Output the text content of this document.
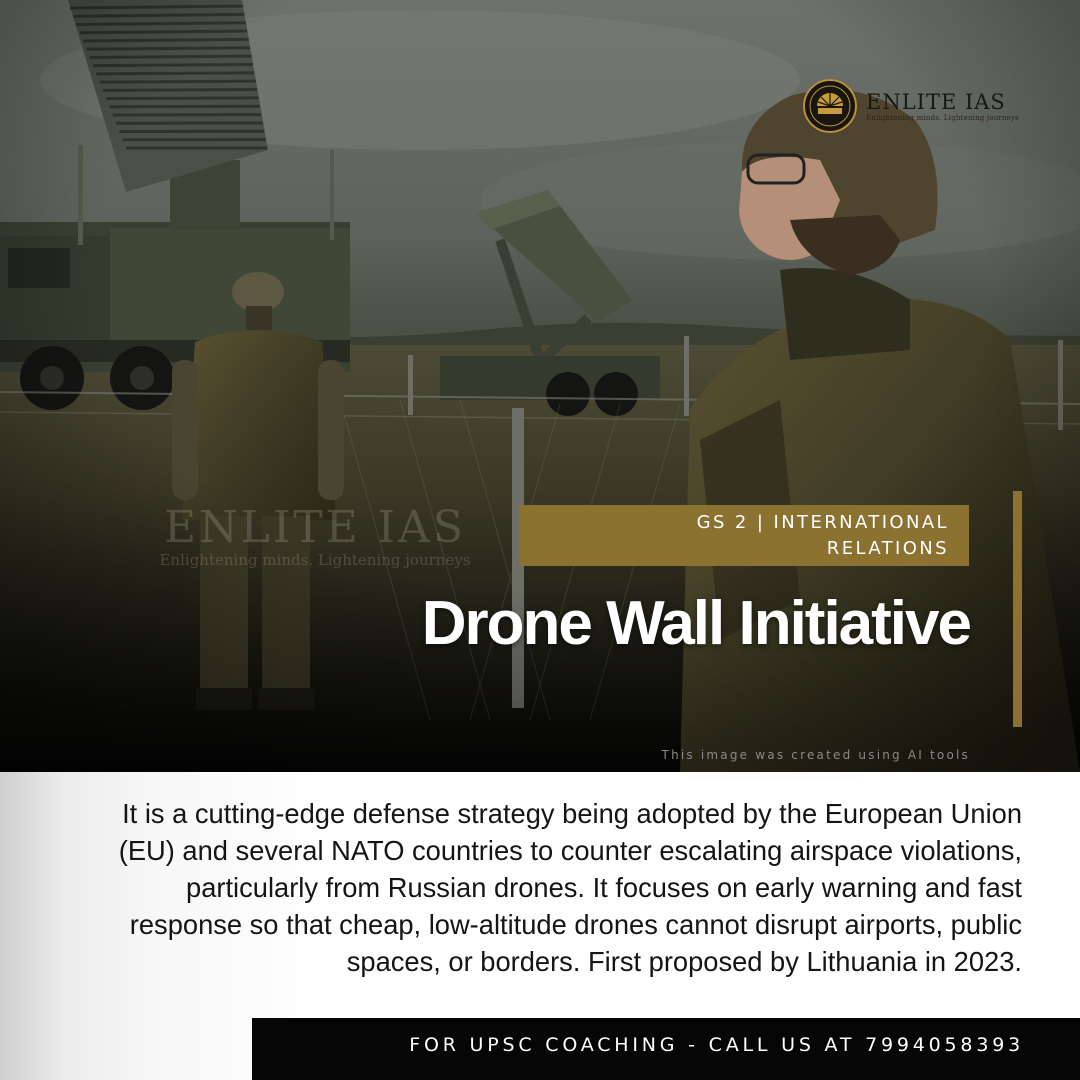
ENLITE IAS
Enlightening minds. Lightening journeys
ENLITE IAS
Enlightening minds. Lightening journeys
GS 2 | INTERNATIONAL
RELATIONS
Drone Wall Initiative
This image was created using AI tools
It is a cutting-edge defense strategy being adopted by the European Union (EU) and several NATO countries to counter escalating airspace violations, particularly from Russian drones. It focuses on early warning and fast response so that cheap, low-altitude drones cannot disrupt airports, public spaces, or borders. First proposed by Lithuania in 2023.
FOR UPSC COACHING - CALL US AT 7994058393
